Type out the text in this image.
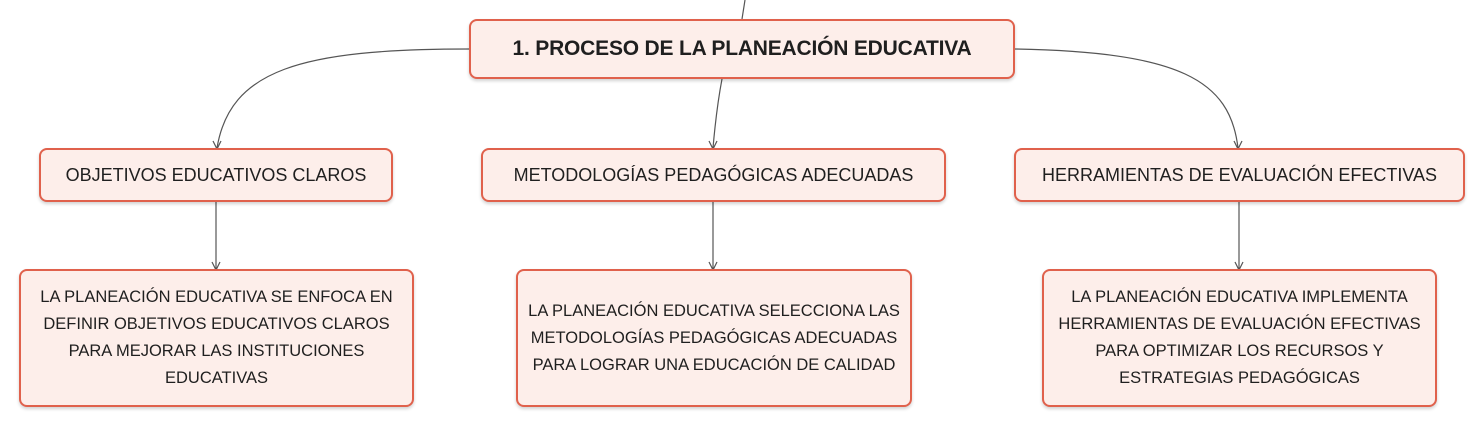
1. PROCESO DE LA PLANEACIÓN EDUCATIVA
OBJETIVOS EDUCATIVOS CLAROS	METODOLOGÍAS PEDAGÓGICAS ADECUADAS	HERRAMIENTAS DE EVALUACIÓN EFECTIVAS
LA PLANEACIÓN EDUCATIVA SE ENFOCA EN DEFINIR OBJETIVOS EDUCATIVOS CLAROS PARA MEJORAR LAS INSTITUCIONES EDUCATIVAS
LA PLANEACIÓN EDUCATIVA SELECCIONA LAS METODOLOGÍAS PEDAGÓGICAS ADECUADAS PARA LOGRAR UNA EDUCACIÓN DE CALIDAD
LA PLANEACIÓN EDUCATIVA IMPLEMENTA HERRAMIENTAS DE EVALUACIÓN EFECTIVAS PARA OPTIMIZAR LOS RECURSOS Y ESTRATEGIAS PEDAGÓGICAS
